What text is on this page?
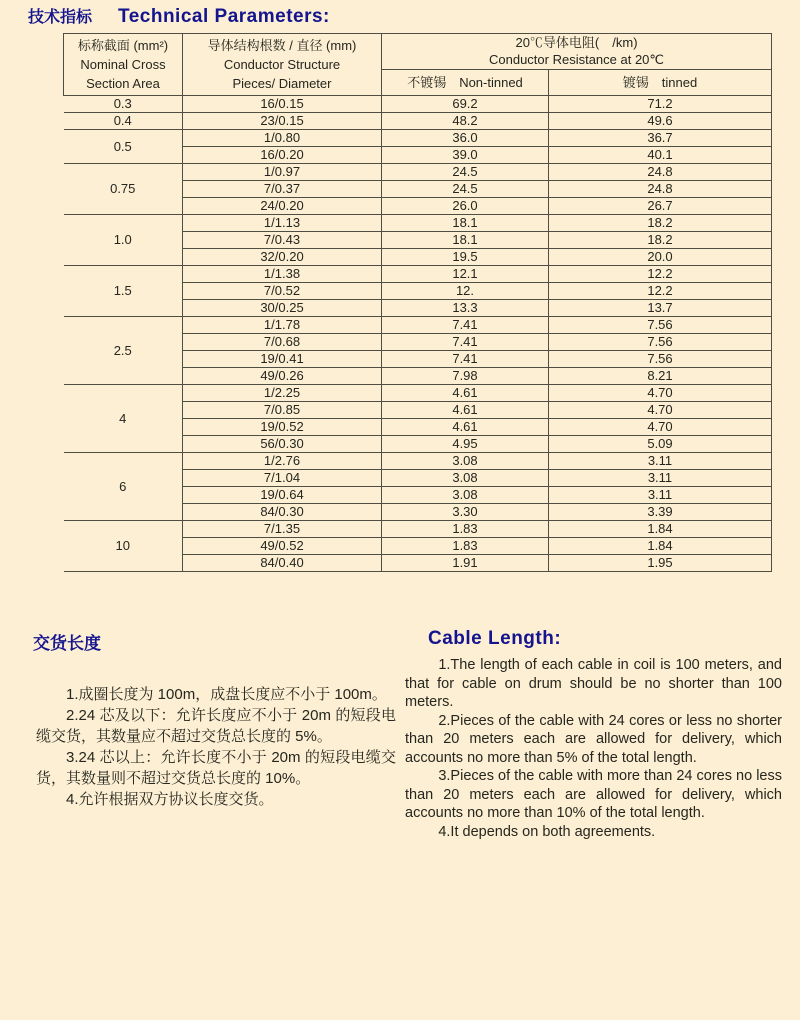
技术指标 Technical Parameters:
标称截面 (mm²)
Nominal Cross
Section Area

导体结构根数 / 直径 (mm)
Conductor Structure
Pieces/ Diameter

20℃导体电阻(　/km)
Conductor Resistance at 20℃

		不镀锡　Non-tinned	镀锡　tinned
0.3	16/0.15	69.2	71.2
0.4	23/0.15	48.2	49.6
0.5	1/0.80	36.0	36.7
	16/0.20	39.0	40.1
0.75	1/0.97	24.5	24.8
	7/0.37	24.5	24.8
	24/0.20	26.0	26.7
1.0	1/1.13	18.1	18.2
	7/0.43	18.1	18.2
	32/0.20	19.5	20.0
1.5	1/1.38	12.1	12.2
	7/0.52	12.	12.2
	30/0.25	13.3	13.7
2.5	1/1.78	7.41	7.56
	7/0.68	7.41	7.56
	19/0.41	7.41	7.56
	49/0.26	7.98	8.21
4	1/2.25	4.61	4.70
	7/0.85	4.61	4.70
	19/0.52	4.61	4.70
	56/0.30	4.95	5.09
6	1/2.76	3.08	3.11
	7/1.04	3.08	3.11
	19/0.64	3.08	3.11
	84/0.30	3.30	3.39
10	7/1.35	1.83	1.84
	49/0.52	1.83	1.84
	84/0.40	1.91	1.95
交货长度	Cable Length:

1.成圈长度为 100m，成盘长度应不小于 100m。

2.24 芯及以下：允许长度应不小于 20m 的短段电缆交货，其数量应不超过交货总长度的 5%。

3.24 芯以上：允许长度不小于 20m 的短段电缆交货，其数量则不超过交货总长度的 10%。

4.允许根据双方协议长度交货。

1.The length of each cable in coil is 100 meters, and that for cable on drum should be no shorter than 100 meters.

2.Pieces of the cable with 24 cores or less no shorter than 20 meters each are allowed for delivery, which accounts no more than 5% of the total length.

3.Pieces of the cable with more than 24 cores no less than 20 meters each are allowed for delivery, which accounts no more than 10% of the total length.

4.It depends on both agreements.
